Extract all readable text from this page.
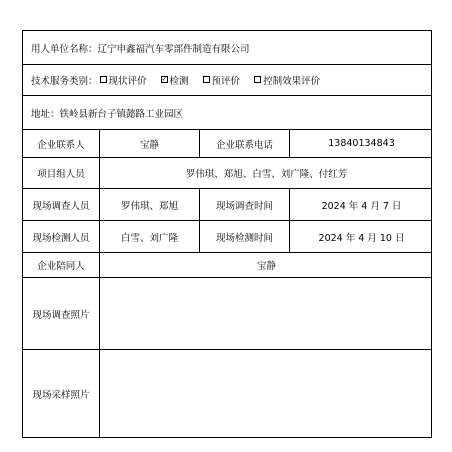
用人单位名称： 辽宁申鑫福汽车零部件制造有限公司
技术服务类别： 现状评价 ✓ 检测 预评价 控制效果评价
地址： 铁岭县新台子镇懿路工业园区
企业联系人	宝静	企业联系电话	13840134843
项目组人员	罗伟琪、郑旭、白雪、刘广隆、付红芳
现场调查人员	罗伟琪、郑旭	现场调查时间	2024 年 4 月 7 日
现场检测人员	白雪、刘广隆	现场检测时间	2024 年 4 月 10 日
企业陪同人	宝静
现场调查照片
现场采样照片
